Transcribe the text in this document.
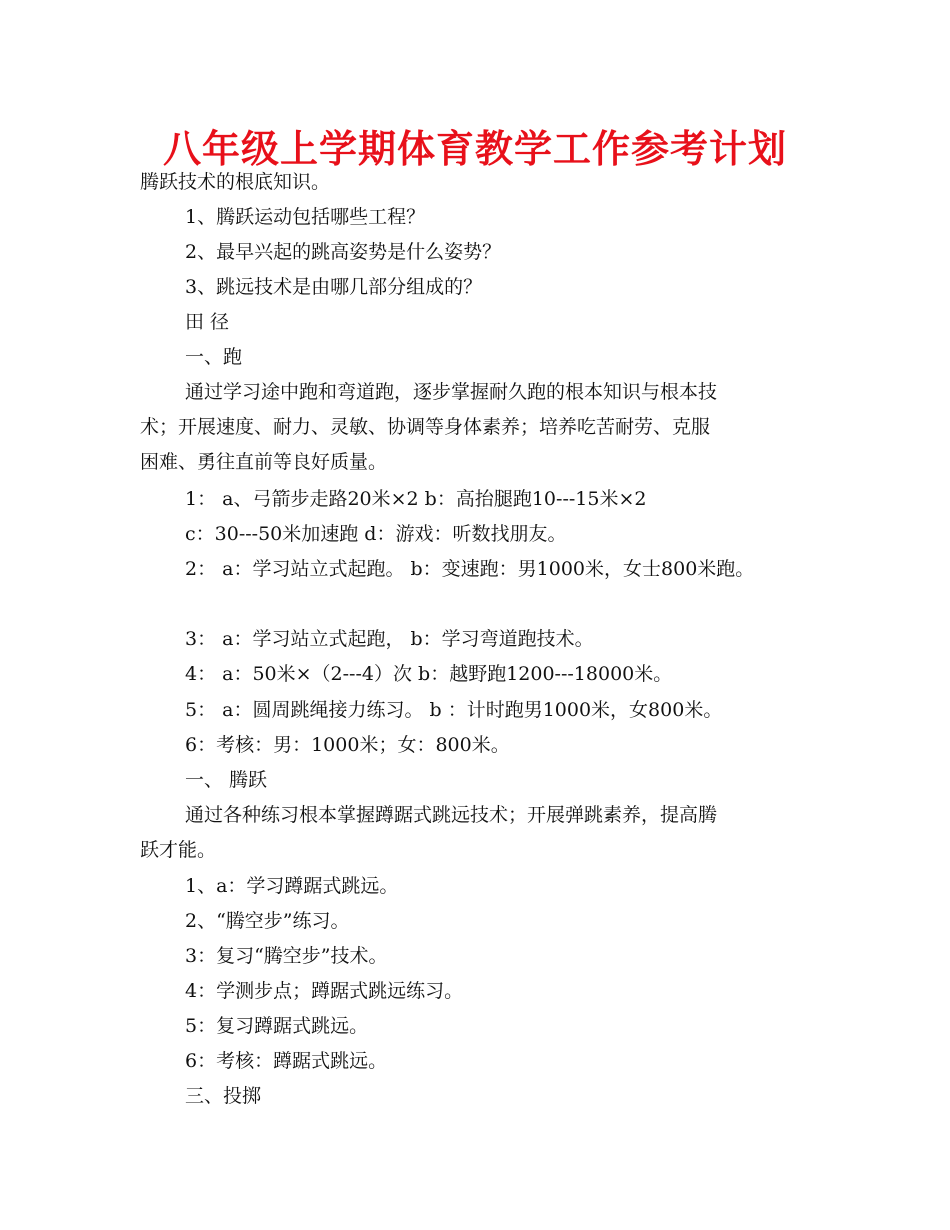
八年级上学期体育教学工作参考计划
腾跃技术的根底知识。
1、腾跃运动包括哪些工程？
2、最早兴起的跳高姿势是什么姿势？
3、跳远技术是由哪几部分组成的？
田 径
一、跑
通过学习途中跑和弯道跑，逐步掌握耐久跑的根本知识与根本技
术；开展速度、耐力、灵敏、协调等身体素养；培养吃苦耐劳、克服
困难、勇往直前等良好质量。
1： a、弓箭步走路20米×2 b：高抬腿跑10---15米×2
c：30---50米加速跑 d：游戏：听数找朋友。
2： a：学习站立式起跑。 b：变速跑：男1000米，女士800米跑。
3： a：学习站立式起跑， b：学习弯道跑技术。
4： a：50米×（2---4）次 b：越野跑1200---18000米。
5： a：圆周跳绳接力练习。 b ：计时跑男1000米，女800米。
6：考核：男：1000米；女：800米。
一、 腾跃
通过各种练习根本掌握蹲踞式跳远技术；开展弹跳素养，提高腾
跃才能。
1、a：学习蹲踞式跳远。
2、“腾空步”练习。
3：复习“腾空步”技术。
4：学测步点；蹲踞式跳远练习。
5：复习蹲踞式跳远。
6：考核：蹲踞式跳远。
三、投掷
